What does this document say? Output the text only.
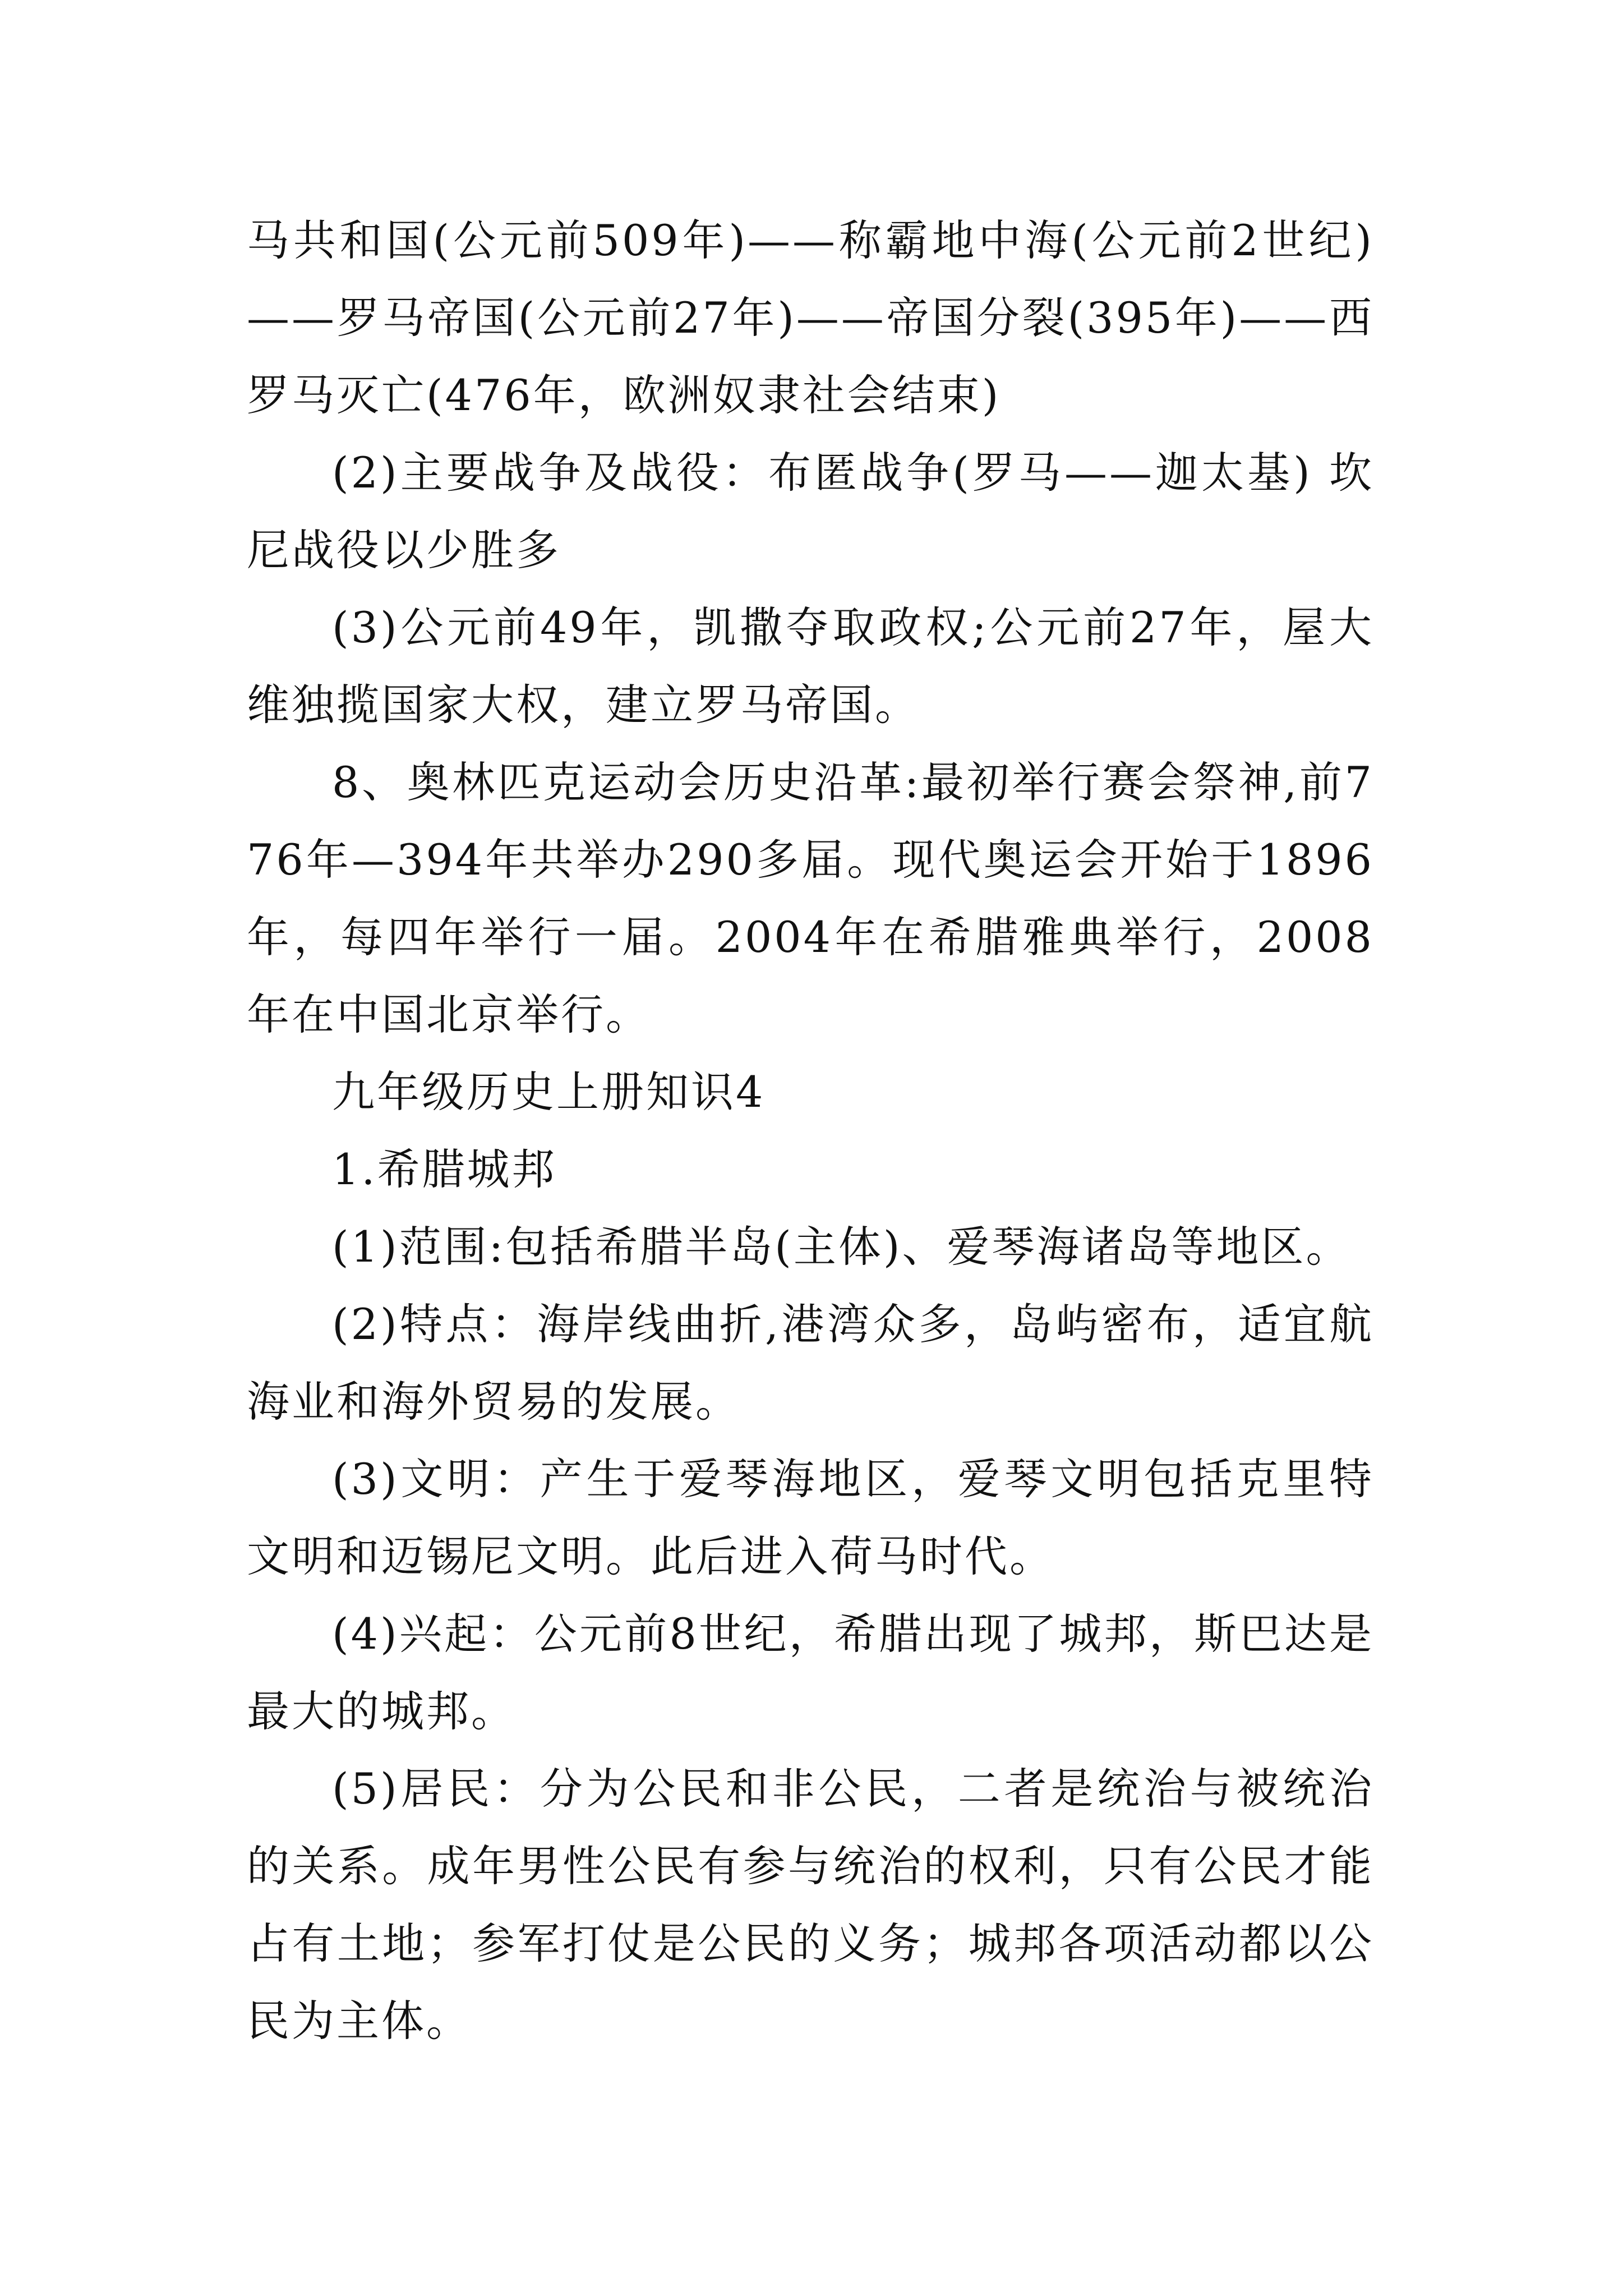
马共和国(公元前509年)——称霸地中海(公元前2世纪)——罗马帝国(公元前27年)——帝国分裂(395年)——西罗马灭亡(476年，欧洲奴隶社会结束)

(2)主要战争及战役：布匿战争(罗马——迦太基) 坎尼战役以少胜多

(3)公元前49年，凯撒夺取政权;公元前27年，屋大维独揽国家大权，建立罗马帝国。

8、奥林匹克运动会历史沿革:最初举行赛会祭神,前776年—394年共举办290多届。现代奥运会开始于1896年，每四年举行一届。2004年在希腊雅典举行，2008年在中国北京举行。

九年级历史上册知识4

1.希腊城邦

(1)范围:包括希腊半岛(主体)、爱琴海诸岛等地区。

(2)特点：海岸线曲折,港湾众多，岛屿密布，适宜航海业和海外贸易的发展。

(3)文明：产生于爱琴海地区，爱琴文明包括克里特文明和迈锡尼文明。此后进入荷马时代。

(4)兴起：公元前8世纪，希腊出现了城邦，斯巴达是最大的城邦。

(5)居民：分为公民和非公民，二者是统治与被统治的关系。成年男性公民有参与统治的权利，只有公民才能占有土地；参军打仗是公民的义务；城邦各项活动都以公民为主体。
